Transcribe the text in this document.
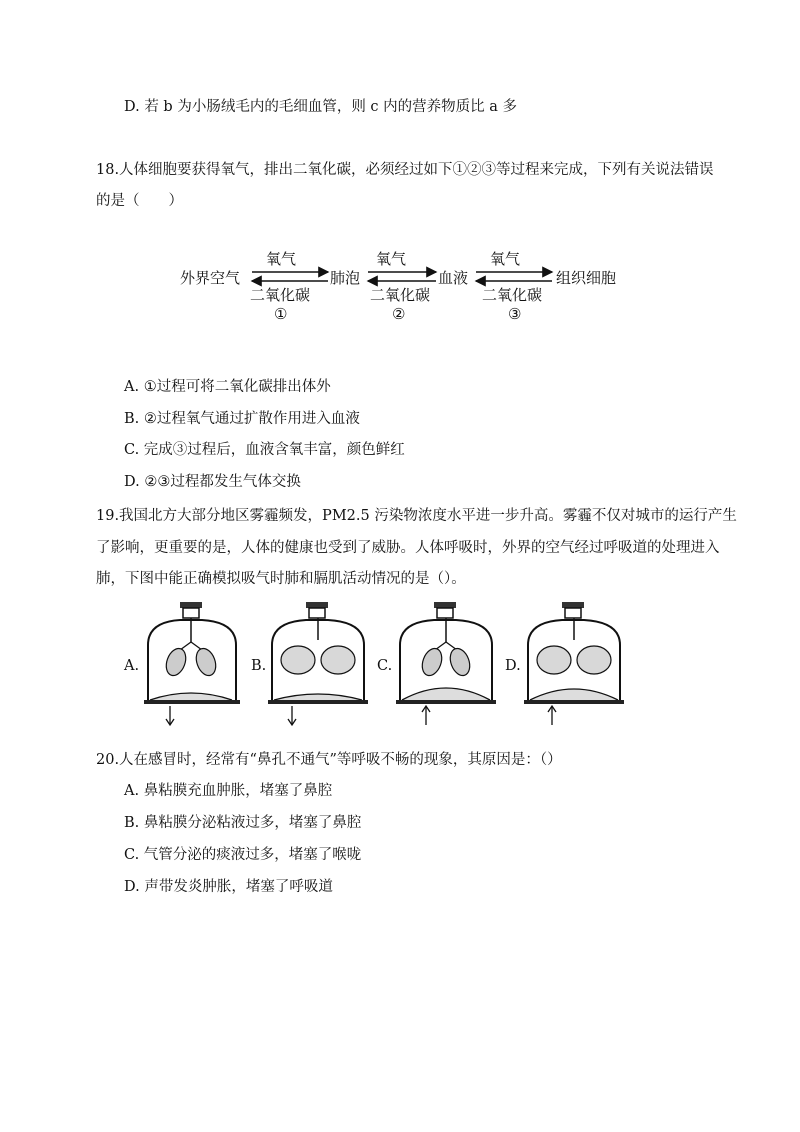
D. 若 b 为小肠绒毛内的毛细血管，则 c 内的营养物质比 a 多
18.人体细胞要获得氧气，排出二氧化碳，必须经过如下①②③等过程来完成，下列有关说法错误
的是（　　）
外界空气	肺泡	血液	组织细胞
氧气	氧气	氧气
二氧化碳	二氧化碳	二氧化碳
①	②	③
A. ①过程可将二氧化碳排出体外
B. ②过程氧气通过扩散作用进入血液
C. 完成③过程后，血液含氧丰富，颜色鲜红
D. ②③过程都发生气体交换
19.我国北方大部分地区雾霾频发，PM2.5 污染物浓度水平进一步升高。雾霾不仅对城市的运行产生
了影响，更重要的是，人体的健康也受到了威胁。人体呼吸时，外界的空气经过呼吸道的处理进入
肺，下图中能正确模拟吸气时肺和膈肌活动情况的是（）。
A.	B.	C.	D.
20.人在感冒时，经常有“鼻孔不通气”等呼吸不畅的现象，其原因是：（）
A. 鼻粘膜充血肿胀，堵塞了鼻腔
B. 鼻粘膜分泌粘液过多，堵塞了鼻腔
C. 气管分泌的痰液过多，堵塞了喉咙
D. 声带发炎肿胀，堵塞了呼吸道
